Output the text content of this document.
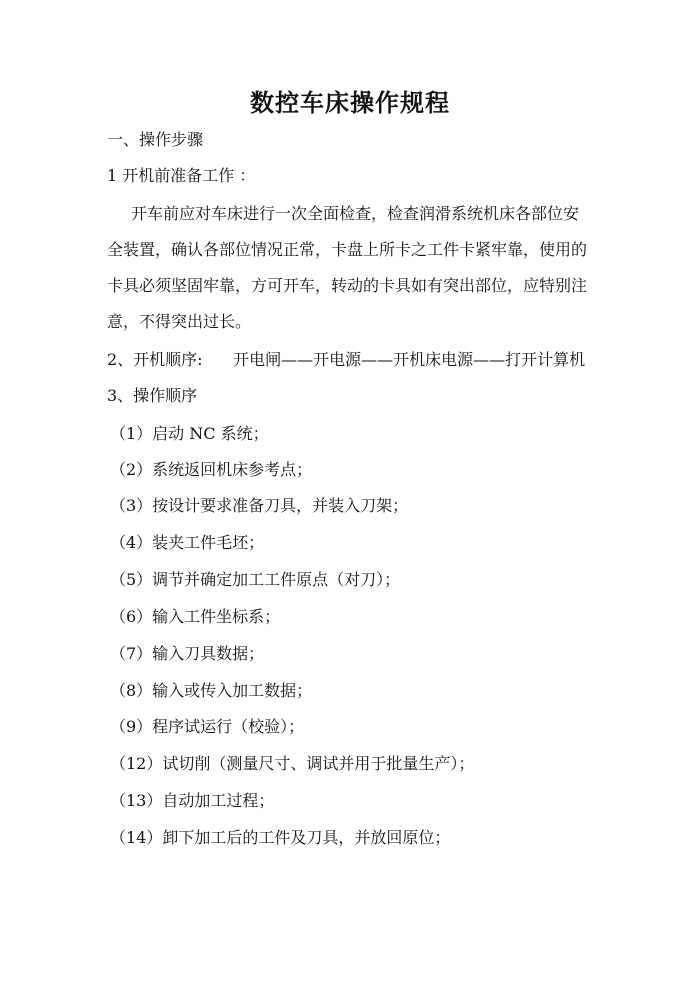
数控车床操作规程
一、操作步骤
1 开机前准备工作 ：
开车前应对车床进行一次全面检查，检查润滑系统机床各部位安
全装置，确认各部位情况正常，卡盘上所卡之工件卡紧牢靠，使用的
卡具必须坚固牢靠，方可开车，转动的卡具如有突出部位，应特别注
意，不得突出过长。
2、开机顺序:      开电闸——开电源——开机床电源——打开计算机
3、操作顺序
（1）启动 NC 系统；
（2）系统返回机床参考点；
（3）按设计要求准备刀具，并装入刀架；
（4）装夹工件毛坯；
（5）调节并确定加工工件原点（对刀）；
（6）输入工件坐标系；
（7）输入刀具数据；
（8）输入或传入加工数据；
（9）程序试运行（校验）；
（12）试切削（测量尺寸、调试并用于批量生产）；
（13）自动加工过程；
（14）卸下加工后的工件及刀具，并放回原位；
